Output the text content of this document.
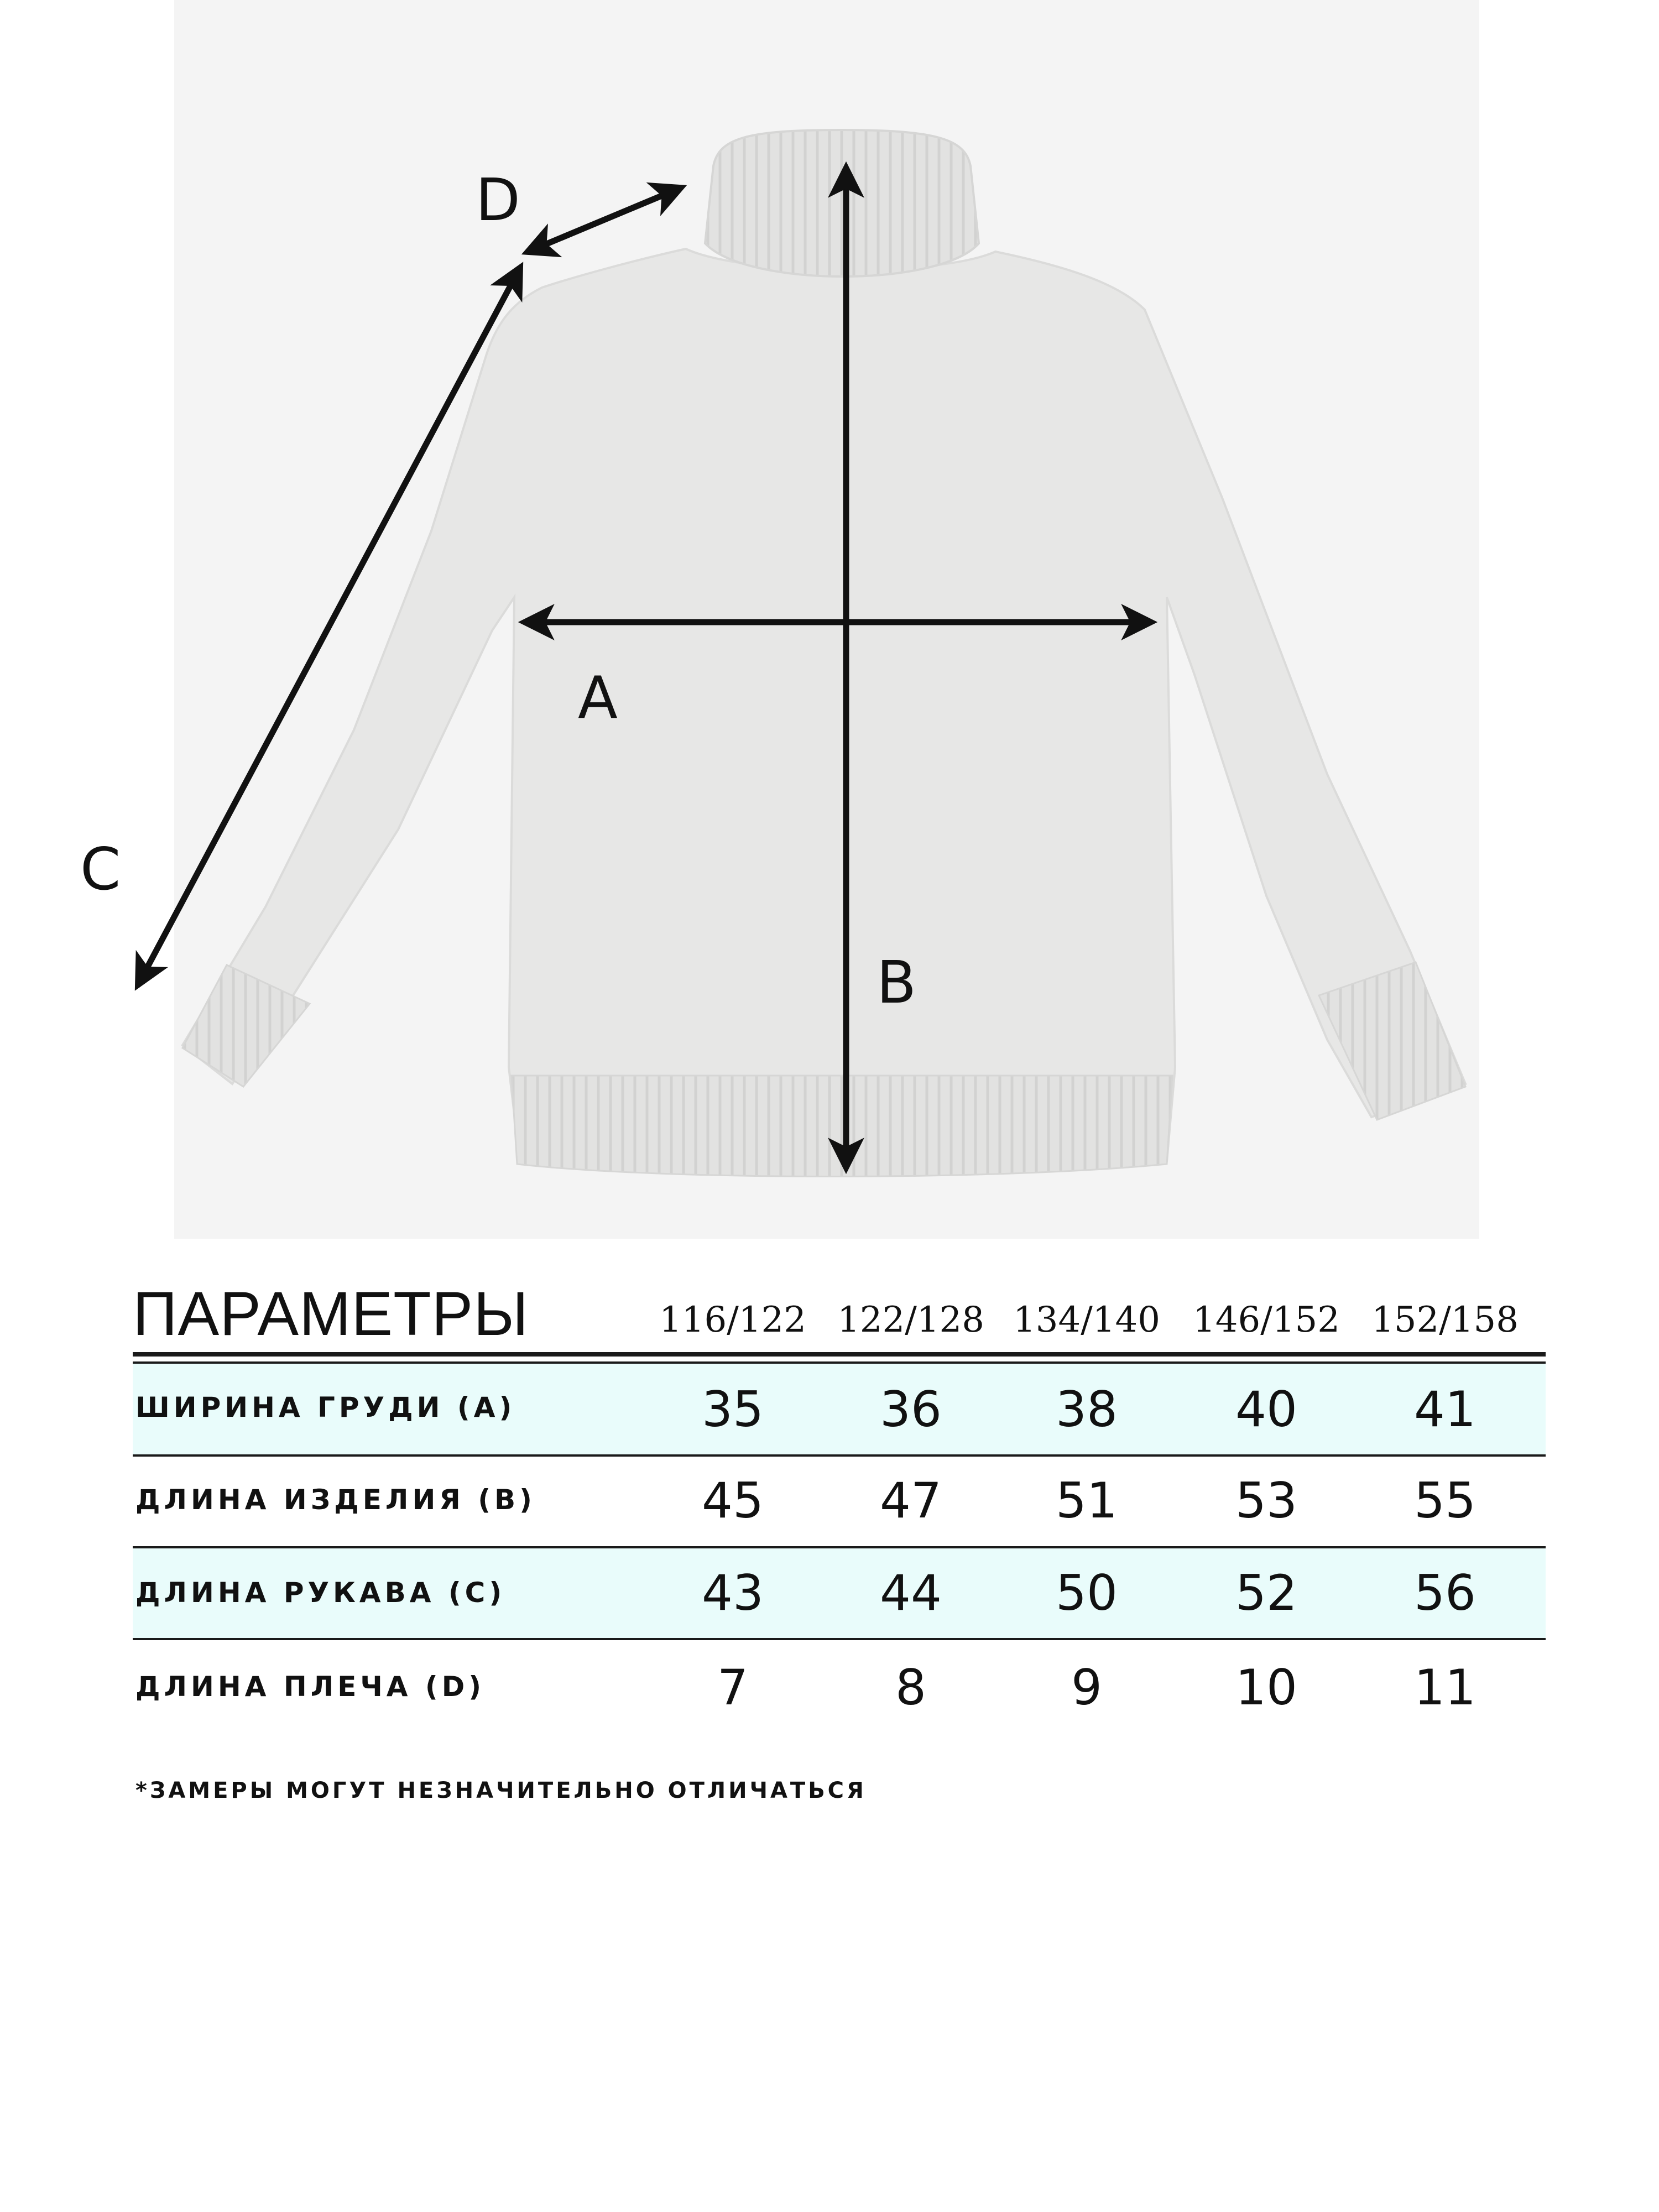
A
B
C
D
ПАРАМЕТРЫ	116/122 122/128 134/140 146/152 152/158
ШИРИНА ГРУДИ (А)	35	36	38	40	41
ДЛИНА ИЗДЕЛИЯ (В)	45	47	51	53	55
ДЛИНА РУКАВА (С)	43	44	50	52	56
ДЛИНА ПЛЕЧА (D)	7	8	9	10	11
*ЗАМЕРЫ МОГУТ НЕЗНАЧИТЕЛЬНО ОТЛИЧАТЬСЯ
